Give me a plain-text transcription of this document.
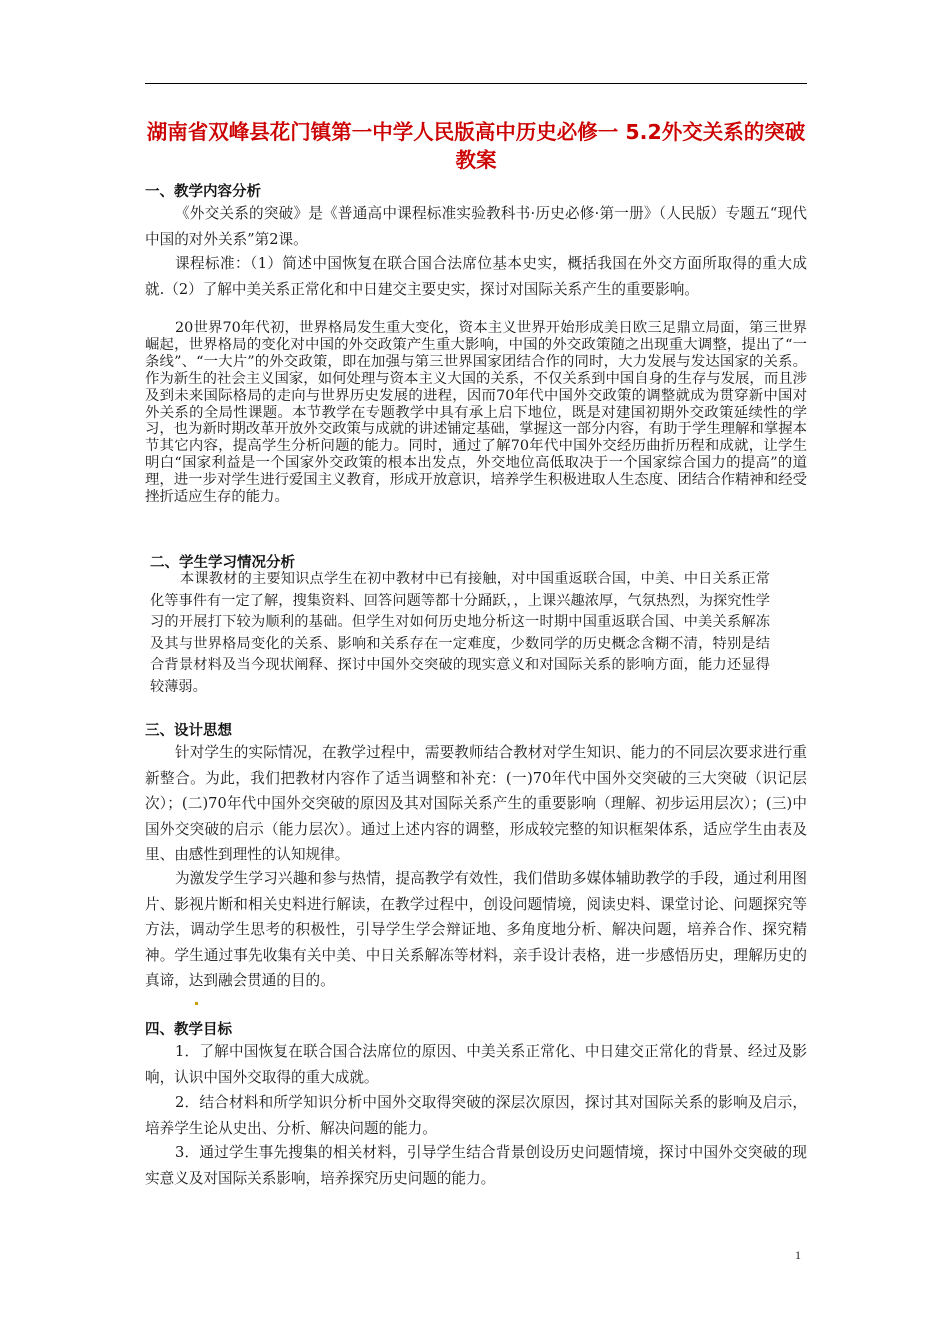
湖南省双峰县花门镇第一中学人民版高中历史必修一 5.2外交关系的突破 教案
一、教学内容分析
《外交关系的突破》是《普通高中课程标准实验教科书·历史必修·第一册》（人民版）专题五“现代中国的对外关系”第2课。
课程标准：（1）简述中国恢复在联合国合法席位基本史实，概括我国在外交方面所取得的重大成就.（2）了解中美关系正常化和中日建交主要史实，探讨对国际关系产生的重要影响。
20世界70年代初，世界格局发生重大变化，资本主义世界开始形成美日欧三足鼎立局面，第三世界崛起，世界格局的变化对中国的外交政策产生重大影响，中国的外交政策随之出现重大调整，提出了“一条线”、“一大片”的外交政策，即在加强与第三世界国家团结合作的同时，大力发展与发达国家的关系。作为新生的社会主义国家，如何处理与资本主义大国的关系，不仅关系到中国自身的生存与发展，而且涉及到未来国际格局的走向与世界历史发展的进程，因而70年代中国外交政策的调整就成为贯穿新中国对外关系的全局性课题。本节教学在专题教学中具有承上启下地位，既是对建国初期外交政策延续性的学习，也为新时期改革开放外交政策与成就的讲述铺定基础，掌握这一部分内容，有助于学生理解和掌握本节其它内容，提高学生分析问题的能力。同时，通过了解70年代中国外交经历曲折历程和成就，让学生明白“国家利益是一个国家外交政策的根本出发点，外交地位高低取决于一个国家综合国力的提高”的道理，进一步对学生进行爱国主义教育，形成开放意识，培养学生积极进取人生态度、团结合作精神和经受挫折适应生存的能力。
二、学生学习情况分析
本课教材的主要知识点学生在初中教材中已有接触，对中国重返联合国，中美、中日关系正常化等事件有一定了解，搜集资料、回答问题等都十分踊跃，，上课兴趣浓厚，气氛热烈，为探究性学习的开展打下较为顺利的基础。但学生对如何历史地分析这一时期中国重返联合国、中美关系解冻及其与世界格局变化的关系、影响和关系存在一定难度，少数同学的历史概念含糊不清，特别是结合背景材料及当今现状阐释、探讨中国外交突破的现实意义和对国际关系的影响方面，能力还显得较薄弱。
三、设计思想
针对学生的实际情况，在教学过程中，需要教师结合教材对学生知识、能力的不同层次要求进行重新整合。为此，我们把教材内容作了适当调整和补充：(一)70年代中国外交突破的三大突破（识记层次）；(二)70年代中国外交突破的原因及其对国际关系产生的重要影响（理解、初步运用层次）；(三)中国外交突破的启示（能力层次）。通过上述内容的调整，形成较完整的知识框架体系，适应学生由表及里、由感性到理性的认知规律。
为激发学生学习兴趣和参与热情，提高教学有效性，我们借助多媒体辅助教学的手段，通过利用图片、影视片断和相关史料进行解读，在教学过程中，创设问题情境，阅读史料、课堂讨论、问题探究等方法，调动学生思考的积极性，引导学生学会辩证地、多角度地分析、解决问题，培养合作、探究精神。学生通过事先收集有关中美、中日关系解冻等材料，亲手设计表格，进一步感悟历史，理解历史的真谛，达到融会贯通的目的。
四、教学目标
1．了解中国恢复在联合国合法席位的原因、中美关系正常化、中日建交正常化的背景、经过及影响，认识中国外交取得的重大成就。
2．结合材料和所学知识分析中国外交取得突破的深层次原因，探讨其对国际关系的影响及启示，培养学生论从史出、分析、解决问题的能力。
3．通过学生事先搜集的相关材料，引导学生结合背景创设历史问题情境，探讨中国外交突破的现实意义及对国际关系影响，培养探究历史问题的能力。
1
